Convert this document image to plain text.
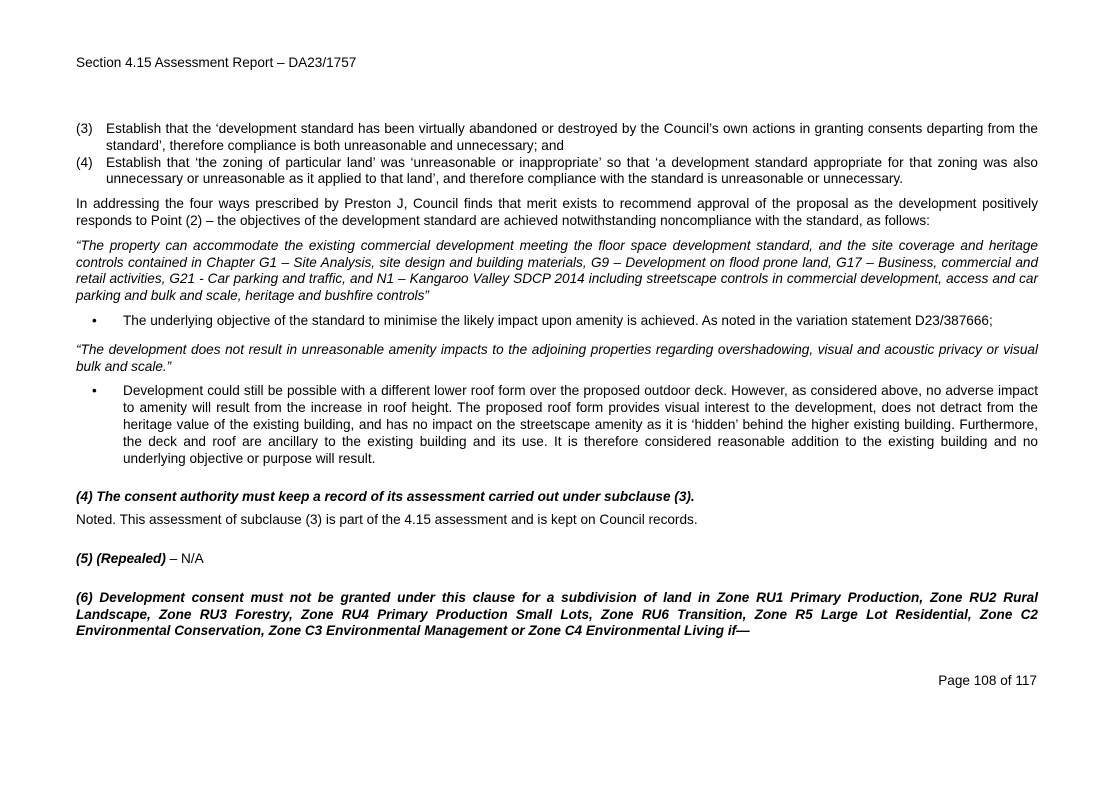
Section 4.15 Assessment Report – DA23/1757
(3) Establish that the ‘development standard has been virtually abandoned or destroyed by the Council’s own actions in granting consents departing from the standard’, therefore compliance is both unreasonable and unnecessary; and
(4) Establish that ‘the zoning of particular land’ was ‘unreasonable or inappropriate’ so that ‘a development standard appropriate for that zoning was also unnecessary or unreasonable as it applied to that land’, and therefore compliance with the standard is unreasonable or unnecessary.

In addressing the four ways prescribed by Preston J, Council finds that merit exists to recommend approval of the proposal as the development positively responds to Point (2) – the objectives of the development standard are achieved notwithstanding noncompliance with the standard, as follows:

“The property can accommodate the existing commercial development meeting the floor space development standard, and the site coverage and heritage controls contained in Chapter G1 – Site Analysis, site design and building materials, G9 – Development on flood prone land, G17 – Business, commercial and retail activities, G21 - Car parking and traffic, and N1 – Kangaroo Valley SDCP 2014 including streetscape controls in commercial development, access and car parking and bulk and scale, heritage and bushfire controls”

•	The underlying objective of the standard to minimise the likely impact upon amenity is achieved. As noted in the variation statement D23/387666;

“The development does not result in unreasonable amenity impacts to the adjoining properties regarding overshadowing, visual and acoustic privacy or visual bulk and scale.”

•	Development could still be possible with a different lower roof form over the proposed outdoor deck. However, as considered above, no adverse impact to amenity will result from the increase in roof height. The proposed roof form provides visual interest to the development, does not detract from the heritage value of the existing building, and has no impact on the streetscape amenity as it is ‘hidden’ behind the higher existing building. Furthermore, the deck and roof are ancillary to the existing building and its use. It is therefore considered reasonable addition to the existing building and no underlying objective or purpose will result.

(4) The consent authority must keep a record of its assessment carried out under subclause (3).

Noted. This assessment of subclause (3) is part of the 4.15 assessment and is kept on Council records.

(5) (Repealed) – N/A

(6) Development consent must not be granted under this clause for a subdivision of land in Zone RU1 Primary Production, Zone RU2 Rural Landscape, Zone RU3 Forestry, Zone RU4 Primary Production Small Lots, Zone RU6 Transition, Zone R5 Large Lot Residential, Zone C2 Environmental Conservation, Zone C3 Environmental Management or Zone C4 Environmental Living if—

Page 108 of 117
